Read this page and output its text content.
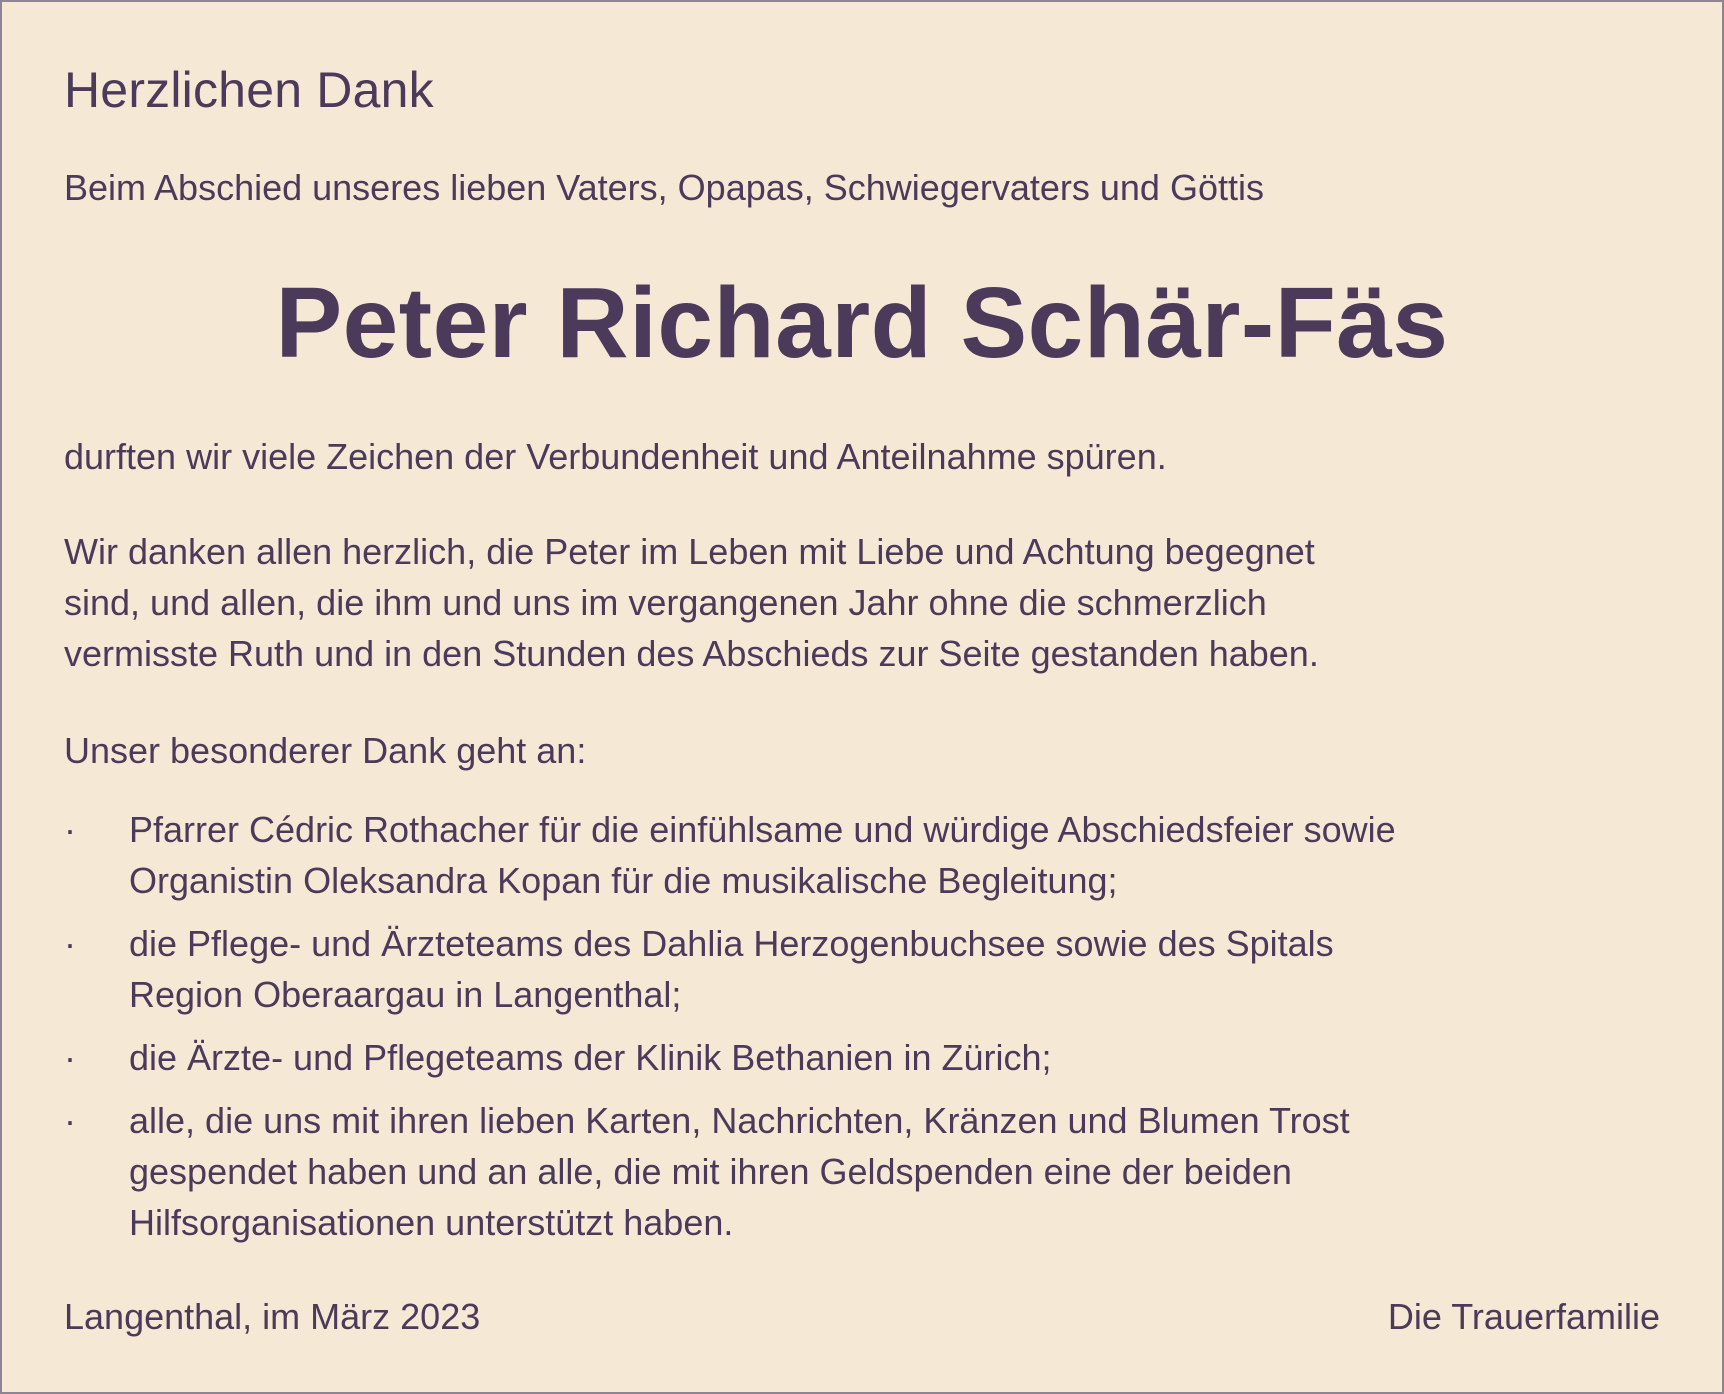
Herzlichen Dank

Beim Abschied unseres lieben Vaters, Opapas, Schwiegervaters und Göttis

Peter Richard Schär-Fäs

durften wir viele Zeichen der Verbundenheit und Anteilnahme spüren.

Wir danken allen herzlich, die Peter im Leben mit Liebe und Achtung begegnet
sind, und allen, die ihm und uns im vergangenen Jahr ohne die schmerzlich
vermisste Ruth und in den Stunden des Abschieds zur Seite gestanden haben.

Unser besonderer Dank geht an:

· Pfarrer Cédric Rothacher für die einfühlsame und würdige Abschiedsfeier sowie
Organistin Oleksandra Kopan für die musikalische Begleitung;
· die Pflege- und Ärzteteams des Dahlia Herzogenbuchsee sowie des Spitals
Region Oberaargau in Langenthal;
· die Ärzte- und Pflegeteams der Klinik Bethanien in Zürich;
· alle, die uns mit ihren lieben Karten, Nachrichten, Kränzen und Blumen Trost
gespendet haben und an alle, die mit ihren Geldspenden eine der beiden
Hilfsorganisationen unterstützt haben.
Langenthal, im März 2023	Die Trauerfamilie
